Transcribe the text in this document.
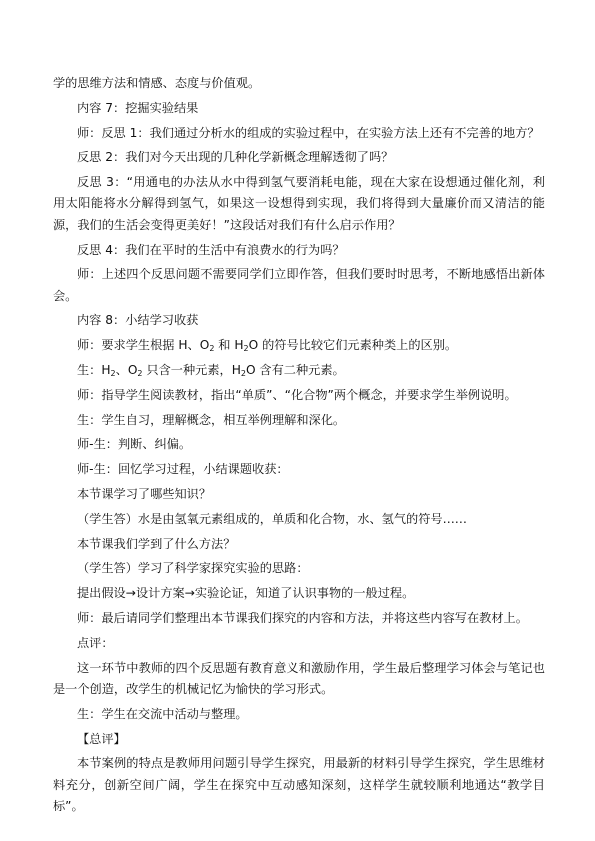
学的思维方法和情感、态度与价值观。

内容 7：挖掘实验结果

师：反思 1：我们通过分析水的组成的实验过程中，在实验方法上还有不完善的地方？

反思 2：我们对今天出现的几种化学新概念理解透彻了吗？

反思 3：“用通电的办法从水中得到氢气要消耗电能，现在大家在设想通过催化剂，利用太阳能将水分解得到氢气，如果这一设想得到实现，我们将得到大量廉价而又清洁的能源，我们的生活会变得更美好！”这段话对我们有什么启示作用？

反思 4：我们在平时的生活中有浪费水的行为吗？

师：上述四个反思问题不需要同学们立即作答，但我们要时时思考，不断地感悟出新体会。

内容 8：小结学习收获

师：要求学生根据 H、$O_2$ 和 $H_2O$ 的符号比较它们元素种类上的区别。

生：$H_2$、$O_2$ 只含一种元素，$H_2O$ 含有二种元素。

师：指导学生阅读教材，指出“单质”、“化合物”两个概念，并要求学生举例说明。

生：学生自习，理解概念，相互举例理解和深化。

师-生：判断、纠偏。

师-生：回忆学习过程，小结课题收获：

本节课学习了哪些知识？

（学生答）水是由氢氧元素组成的，单质和化合物，水、氢气的符号……

本节课我们学到了什么方法？

（学生答）学习了科学家探究实验的思路：

提出假设→设计方案→实验论证，知道了认识事物的一般过程。

师：最后请同学们整理出本节课我们探究的内容和方法，并将这些内容写在教材上。

点评：

这一环节中教师的四个反思题有教育意义和激励作用，学生最后整理学习体会与笔记也是一个创造，改学生的机械记忆为愉快的学习形式。

生：学生在交流中活动与整理。

【总评】

本节案例的特点是教师用问题引导学生探究，用最新的材料引导学生探究，学生思维材料充分，创新空间广阔，学生在探究中互动感知深刻，这样学生就较顺利地通达“教学目标”。
